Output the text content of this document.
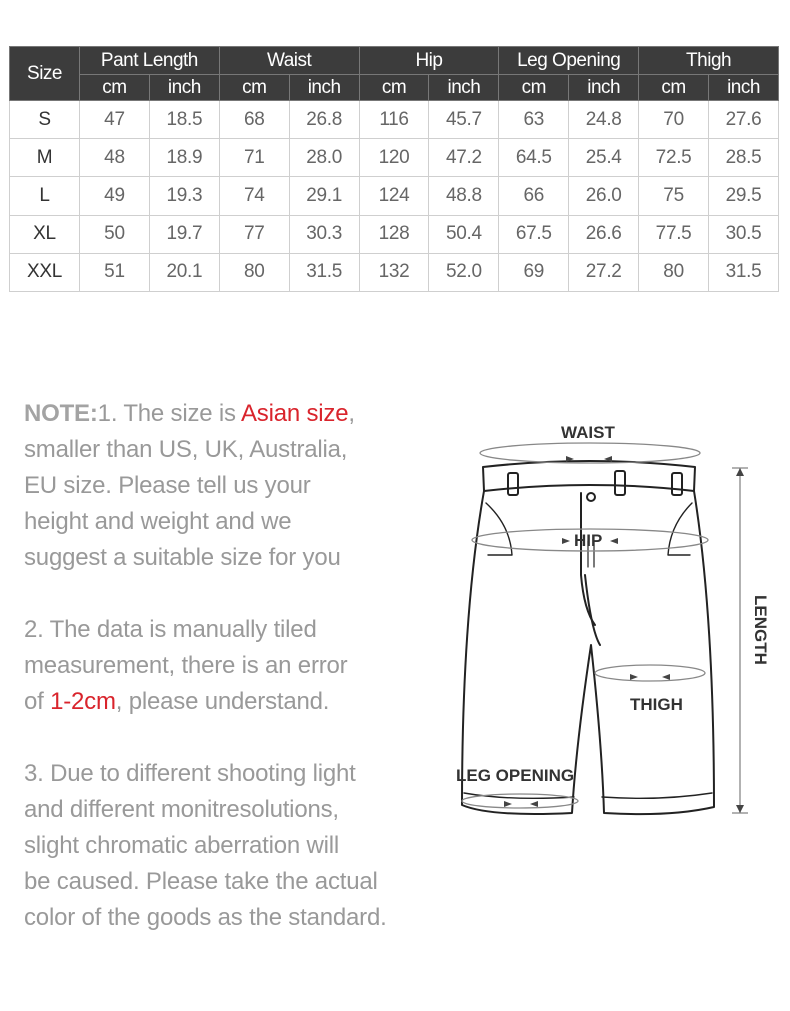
Size	Pant Length		Waist		Hip		Leg Opening		Thigh	
	cm	inch	cm	inch	cm	inch	cm	inch	cm	inch
S	47	18.5	68	26.8	116	45.7	63	24.8	70	27.6
M	48	18.9	71	28.0	120	47.2	64.5	25.4	72.5	28.5
L	49	19.3	74	29.1	124	48.8	66	26.0	75	29.5
XL	50	19.7	77	30.3	128	50.4	67.5	26.6	77.5	30.5
XXL	51	20.1	80	31.5	132	52.0	69	27.2	80	31.5

NOTE:1. The size is Asian size,

smaller than US, UK, Australia,

EU size. Please tell us your

height and weight and we

suggest a suitable size for you

2. The data is manually tiled

measurement, there is an error

of 1-2cm, please understand.

3. Due to different shooting light

and different monitresolutions,

slight chromatic aberration will

be caused. Please take the actual

color of the goods as the standard.

WAIST
HIP
THIGH
LEG OPENING
LENGTH
